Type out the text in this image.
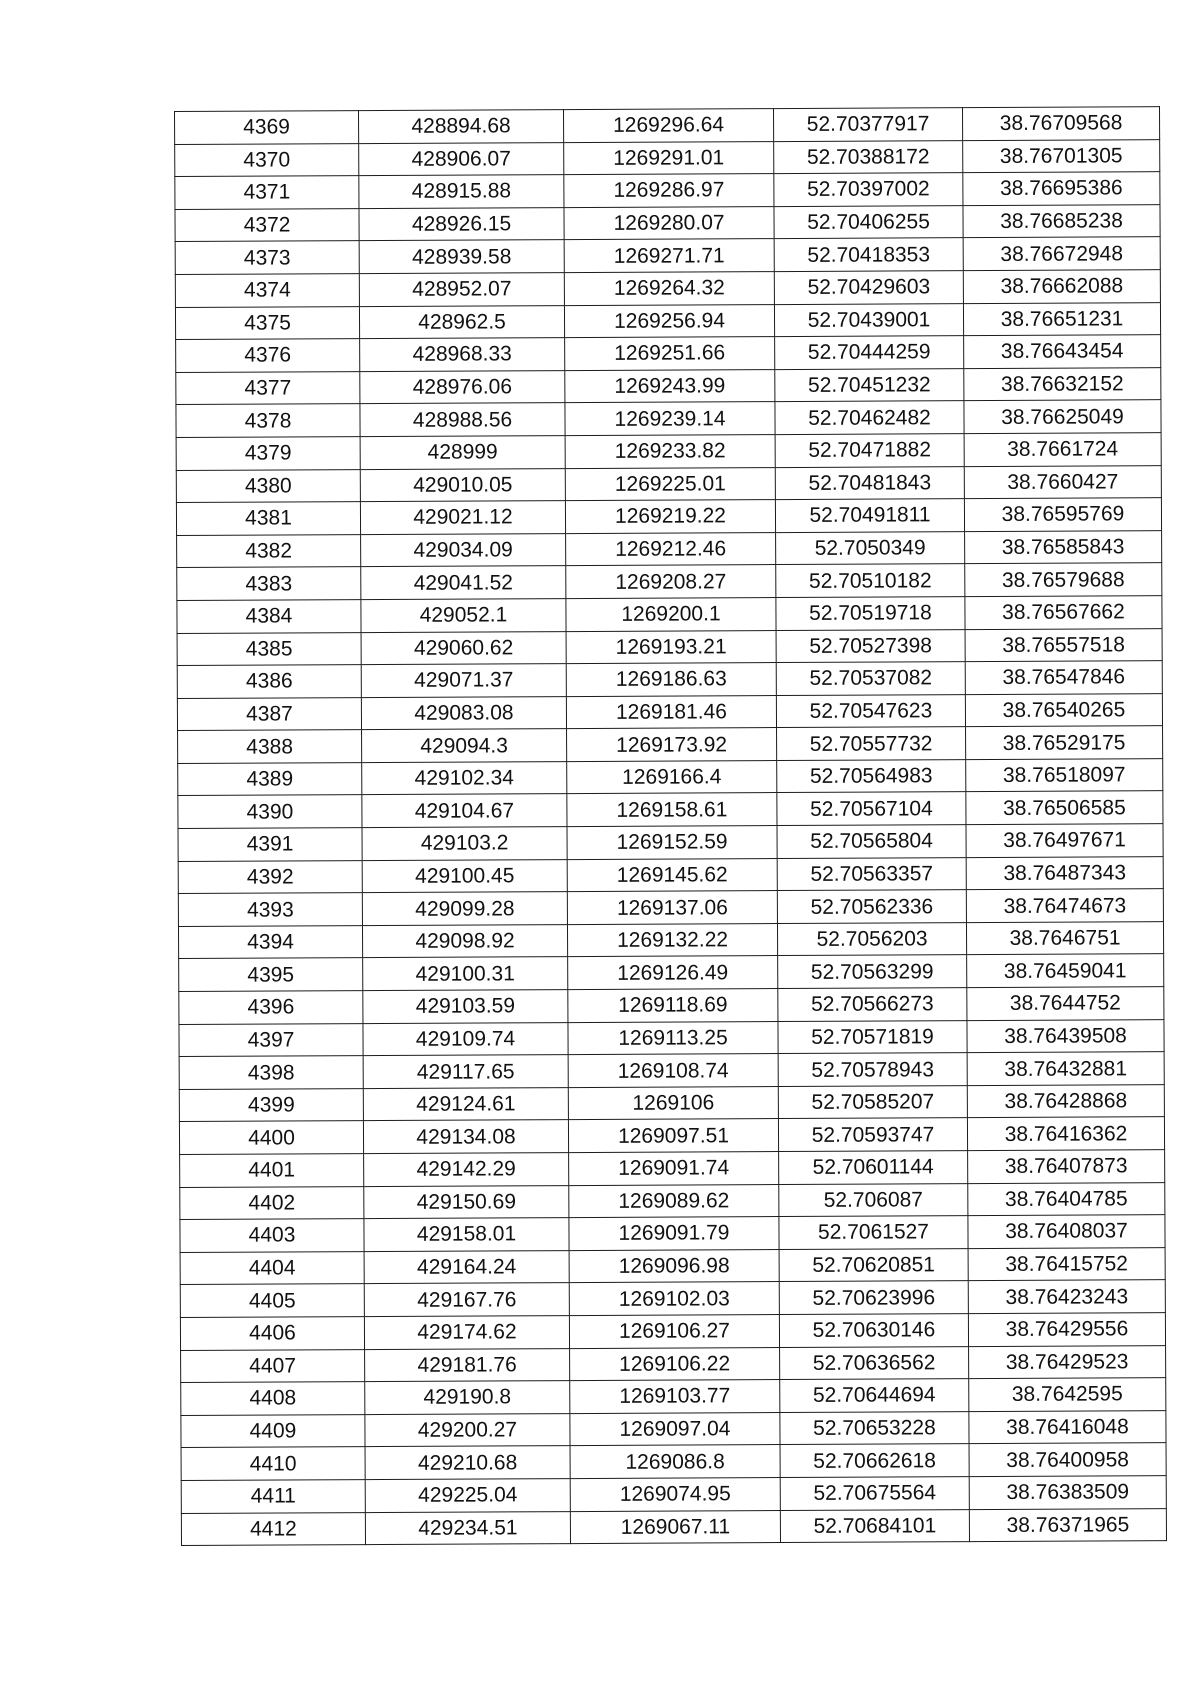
4369	428894.68	1269296.64	52.70377917	38.76709568
4370	428906.07	1269291.01	52.70388172	38.76701305
4371	428915.88	1269286.97	52.70397002	38.76695386
4372	428926.15	1269280.07	52.70406255	38.76685238
4373	428939.58	1269271.71	52.70418353	38.76672948
4374	428952.07	1269264.32	52.70429603	38.76662088
4375	428962.5	1269256.94	52.70439001	38.76651231
4376	428968.33	1269251.66	52.70444259	38.76643454
4377	428976.06	1269243.99	52.70451232	38.76632152
4378	428988.56	1269239.14	52.70462482	38.76625049
4379	428999	1269233.82	52.70471882	38.7661724
4380	429010.05	1269225.01	52.70481843	38.7660427
4381	429021.12	1269219.22	52.70491811	38.76595769
4382	429034.09	1269212.46	52.7050349	38.76585843
4383	429041.52	1269208.27	52.70510182	38.76579688
4384	429052.1	1269200.1	52.70519718	38.76567662
4385	429060.62	1269193.21	52.70527398	38.76557518
4386	429071.37	1269186.63	52.70537082	38.76547846
4387	429083.08	1269181.46	52.70547623	38.76540265
4388	429094.3	1269173.92	52.70557732	38.76529175
4389	429102.34	1269166.4	52.70564983	38.76518097
4390	429104.67	1269158.61	52.70567104	38.76506585
4391	429103.2	1269152.59	52.70565804	38.76497671
4392	429100.45	1269145.62	52.70563357	38.76487343
4393	429099.28	1269137.06	52.70562336	38.76474673
4394	429098.92	1269132.22	52.7056203	38.7646751
4395	429100.31	1269126.49	52.70563299	38.76459041
4396	429103.59	1269118.69	52.70566273	38.7644752
4397	429109.74	1269113.25	52.70571819	38.76439508
4398	429117.65	1269108.74	52.70578943	38.76432881
4399	429124.61	1269106	52.70585207	38.76428868
4400	429134.08	1269097.51	52.70593747	38.76416362
4401	429142.29	1269091.74	52.70601144	38.76407873
4402	429150.69	1269089.62	52.706087	38.76404785
4403	429158.01	1269091.79	52.7061527	38.76408037
4404	429164.24	1269096.98	52.70620851	38.76415752
4405	429167.76	1269102.03	52.70623996	38.76423243
4406	429174.62	1269106.27	52.70630146	38.76429556
4407	429181.76	1269106.22	52.70636562	38.76429523
4408	429190.8	1269103.77	52.70644694	38.7642595
4409	429200.27	1269097.04	52.70653228	38.76416048
4410	429210.68	1269086.8	52.70662618	38.76400958
4411	429225.04	1269074.95	52.70675564	38.76383509
4412	429234.51	1269067.11	52.70684101	38.76371965
